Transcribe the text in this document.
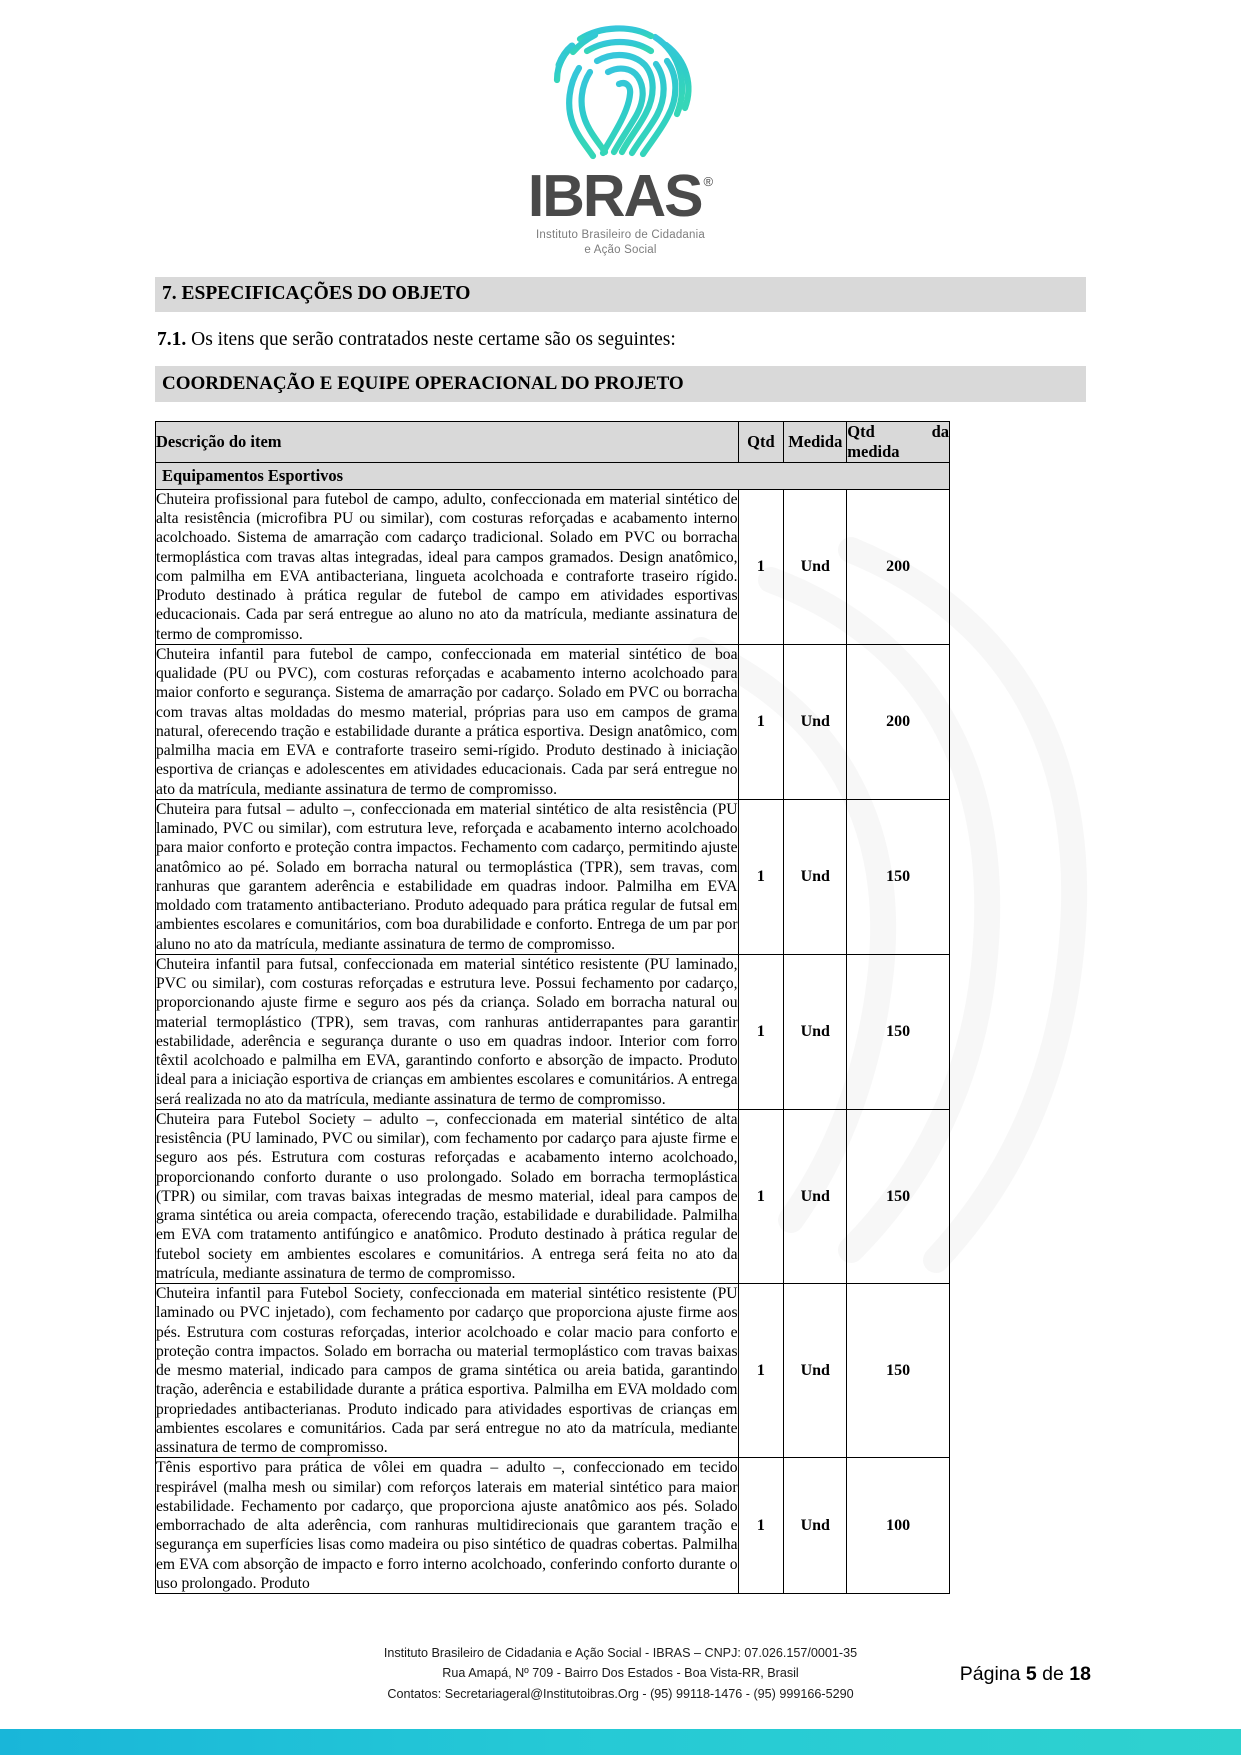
IBRAS ®
Instituto Brasileiro de Cidadania
e Ação Social
7. ESPECIFICAÇÕES DO OBJETO

7.1. Os itens que serão contratados neste certame são os seguintes:

COORDENAÇÃO E EQUIPE OPERACIONAL DO PROJETO
Descrição do item	Qtd	Medida	Qtd da
medida
Equipamentos Esportivos			
Chuteira profissional para futebol de campo, adulto, confeccionada em material sintético de alta resistência (microfibra PU ou similar), com costuras reforçadas e acabamento interno acolchoado. Sistema de amarração com cadarço tradicional. Solado em PVC ou borracha termoplástica com travas altas integradas, ideal para campos gramados. Design anatômico, com palmilha em EVA antibacteriana, lingueta acolchoada e contraforte traseiro rígido. Produto destinado à prática regular de futebol de campo em atividades esportivas educacionais. Cada par será entregue ao aluno no ato da matrícula, mediante assinatura de termo de compromisso.	1	Und	200
Chuteira infantil para futebol de campo, confeccionada em material sintético de boa qualidade (PU ou PVC), com costuras reforçadas e acabamento interno acolchoado para maior conforto e segurança. Sistema de amarração por cadarço. Solado em PVC ou borracha com travas altas moldadas do mesmo material, próprias para uso em campos de grama natural, oferecendo tração e estabilidade durante a prática esportiva. Design anatômico, com palmilha macia em EVA e contraforte traseiro semi-rígido. Produto destinado à iniciação esportiva de crianças e adolescentes em atividades educacionais. Cada par será entregue no ato da matrícula, mediante assinatura de termo de compromisso.	1	Und	200
Chuteira para futsal – adulto –, confeccionada em material sintético de alta resistência (PU laminado, PVC ou similar), com estrutura leve, reforçada e acabamento interno acolchoado para maior conforto e proteção contra impactos. Fechamento com cadarço, permitindo ajuste anatômico ao pé. Solado em borracha natural ou termoplástica (TPR), sem travas, com ranhuras que garantem aderência e estabilidade em quadras indoor. Palmilha em EVA moldado com tratamento antibacteriano. Produto adequado para prática regular de futsal em ambientes escolares e comunitários, com boa durabilidade e conforto. Entrega de um par por aluno no ato da matrícula, mediante assinatura de termo de compromisso.	1	Und	150
Chuteira infantil para futsal, confeccionada em material sintético resistente (PU laminado, PVC ou similar), com costuras reforçadas e estrutura leve. Possui fechamento por cadarço, proporcionando ajuste firme e seguro aos pés da criança. Solado em borracha natural ou material termoplástico (TPR), sem travas, com ranhuras antiderrapantes para garantir estabilidade, aderência e segurança durante o uso em quadras indoor. Interior com forro têxtil acolchoado e palmilha em EVA, garantindo conforto e absorção de impacto. Produto ideal para a iniciação esportiva de crianças em ambientes escolares e comunitários. A entrega será realizada no ato da matrícula, mediante assinatura de termo de compromisso.	1	Und	150
Chuteira para Futebol Society – adulto –, confeccionada em material sintético de alta resistência (PU laminado, PVC ou similar), com fechamento por cadarço para ajuste firme e seguro aos pés. Estrutura com costuras reforçadas e acabamento interno acolchoado, proporcionando conforto durante o uso prolongado. Solado em borracha termoplástica (TPR) ou similar, com travas baixas integradas de mesmo material, ideal para campos de grama sintética ou areia compacta, oferecendo tração, estabilidade e durabilidade. Palmilha em EVA com tratamento antifúngico e anatômico. Produto destinado à prática regular de futebol society em ambientes escolares e comunitários. A entrega será feita no ato da matrícula, mediante assinatura de termo de compromisso.	1	Und	150
Chuteira infantil para Futebol Society, confeccionada em material sintético resistente (PU laminado ou PVC injetado), com fechamento por cadarço que proporciona ajuste firme aos pés. Estrutura com costuras reforçadas, interior acolchoado e colar macio para conforto e proteção contra impactos. Solado em borracha ou material termoplástico com travas baixas de mesmo material, indicado para campos de grama sintética ou areia batida, garantindo tração, aderência e estabilidade durante a prática esportiva. Palmilha em EVA moldado com propriedades antibacterianas. Produto indicado para atividades esportivas de crianças em ambientes escolares e comunitários. Cada par será entregue no ato da matrícula, mediante assinatura de termo de compromisso.	1	Und	150
Tênis esportivo para prática de vôlei em quadra – adulto –, confeccionado em tecido respirável (malha mesh ou similar) com reforços laterais em material sintético para maior estabilidade. Fechamento por cadarço, que proporciona ajuste anatômico aos pés. Solado emborrachado de alta aderência, com ranhuras multidirecionais que garantem tração e segurança em superfícies lisas como madeira ou piso sintético de quadras cobertas. Palmilha em EVA com absorção de impacto e forro interno acolchoado, conferindo conforto durante o uso prolongado. Produto	1	Und	100
Instituto Brasileiro de Cidadania e Ação Social - IBRAS – CNPJ: 07.026.157/0001-35
Rua Amapá, Nº 709 - Bairro Dos Estados - Boa Vista-RR, Brasil
Contatos: Secretariageral@Institutoibras.Org - (95) 99118-1476 - (95) 999166-5290
Página 5 de 18
